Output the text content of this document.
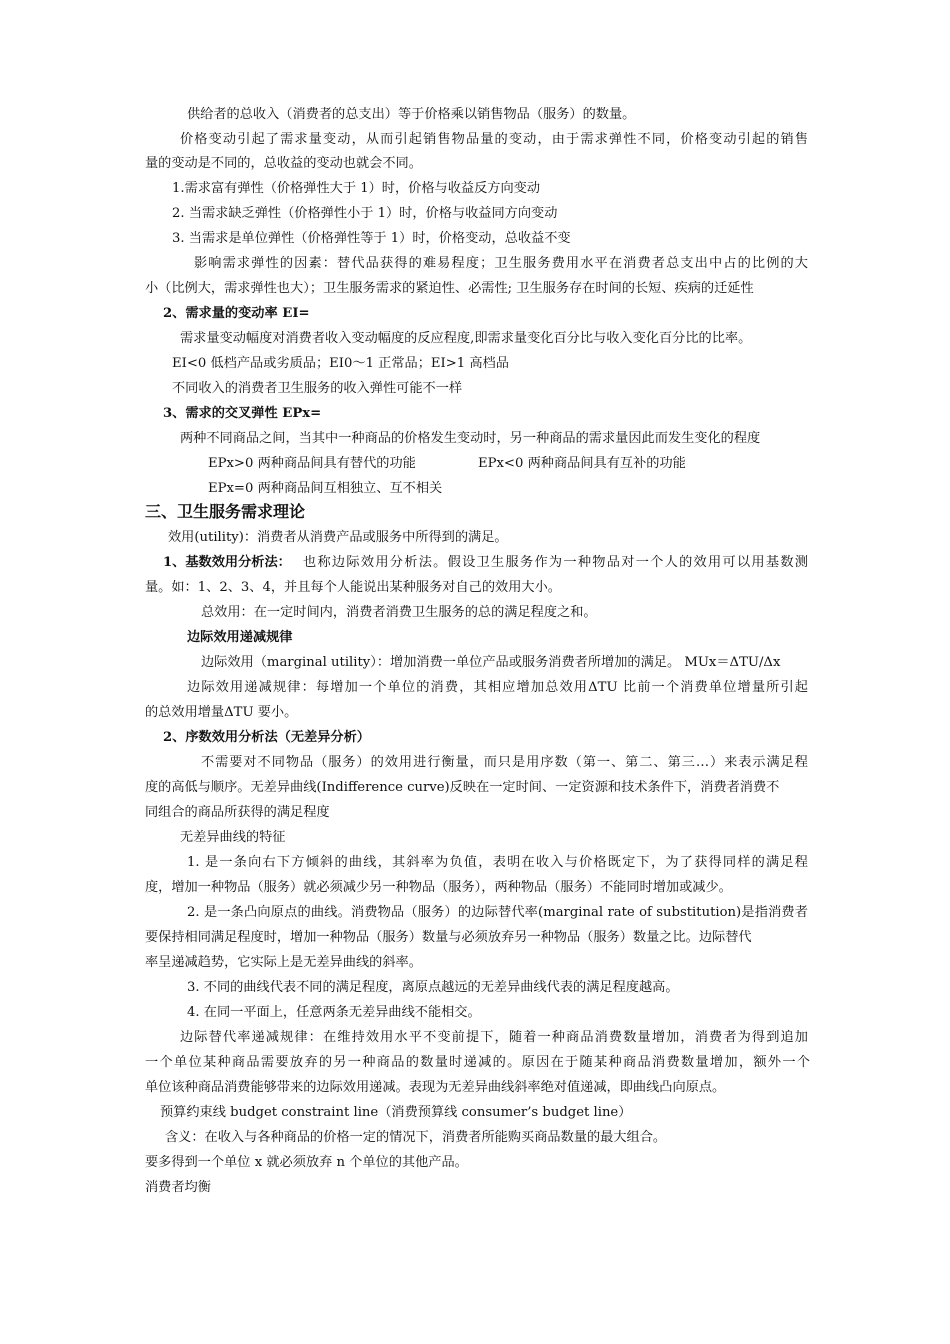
供给者的总收入（消费者的总支出）等于价格乘以销售物品（服务）的数量。
价格变动引起了需求量变动，从而引起销售物品量的变动，由于需求弹性不同，价格变动引起的销售
量的变动是不同的，总收益的变动也就会不同。
1.需求富有弹性（价格弹性大于 1）时，价格与收益反方向变动
2. 当需求缺乏弹性（价格弹性小于 1）时，价格与收益同方向变动
3. 当需求是单位弹性（价格弹性等于 1）时，价格变动，总收益不变
影响需求弹性的因素：替代品获得的难易程度；卫生服务费用水平在消费者总支出中占的比例的大
小（比例大，需求弹性也大）；卫生服务需求的紧迫性、必需性; 卫生服务存在时间的长短、疾病的迁延性
2、需求量的变动率 EI=
需求量变动幅度对消费者收入变动幅度的反应程度,即需求量变化百分比与收入变化百分比的比率。
EI<0 低档产品或劣质品；EI0～1 正常品；EI>1 高档品
不同收入的消费者卫生服务的收入弹性可能不一样
3、需求的交叉弹性 EPx=
两种不同商品之间，当其中一种商品的价格发生变动时，另一种商品的需求量因此而发生变化的程度
EPx>0 两种商品间具有替代的功能	EPx<0 两种商品间具有互补的功能
EPx=0 两种商品间互相独立、互不相关
三、卫生服务需求理论
效用(utility)：消费者从消费产品或服务中所得到的满足。
1、基数效用分析法： 也称边际效用分析法。假设卫生服务作为一种物品对一个人的效用可以用基数测
量。如：1、2、3、4，并且每个人能说出某种服务对自己的效用大小。
总效用：在一定时间内，消费者消费卫生服务的总的满足程度之和。
边际效用递减规律
边际效用（marginal utility）：增加消费一单位产品或服务消费者所增加的满足。 MUx＝ΔTU/Δx
边际效用递减规律：每增加一个单位的消费，其相应增加总效用ΔTU 比前一个消费单位增量所引起
的总效用增量ΔTU 要小。
2、序数效用分析法（无差异分析）
不需要对不同物品（服务）的效用进行衡量，而只是用序数（第一、第二、第三…）来表示满足程
度的高低与顺序。无差异曲线(Indifference curve)反映在一定时间、一定资源和技术条件下，消费者消费不
同组合的商品所获得的满足程度
无差异曲线的特征
1. 是一条向右下方倾斜的曲线，其斜率为负值，表明在收入与价格既定下，为了获得同样的满足程
度，增加一种物品（服务）就必须减少另一种物品（服务），两种物品（服务）不能同时增加或减少。
2. 是一条凸向原点的曲线。消费物品（服务）的边际替代率(marginal rate of substitution)是指消费者
要保持相同满足程度时，增加一种物品（服务）数量与必须放弃另一种物品（服务）数量之比。边际替代
率呈递减趋势，它实际上是无差异曲线的斜率。
3. 不同的曲线代表不同的满足程度，离原点越远的无差异曲线代表的满足程度越高。
4. 在同一平面上，任意两条无差异曲线不能相交。
边际替代率递减规律：在维持效用水平不变前提下，随着一种商品消费数量增加，消费者为得到追加
一个单位某种商品需要放弃的另一种商品的数量时递减的。原因在于随某种商品消费数量增加，额外一个
单位该种商品消费能够带来的边际效用递减。表现为无差异曲线斜率绝对值递减，即曲线凸向原点。
预算约束线 budget constraint line（消费预算线 consumer’s budget line）
含义：在收入与各种商品的价格一定的情况下，消费者所能购买商品数量的最大组合。
要多得到一个单位 x 就必须放弃 n 个单位的其他产品。
消费者均衡
